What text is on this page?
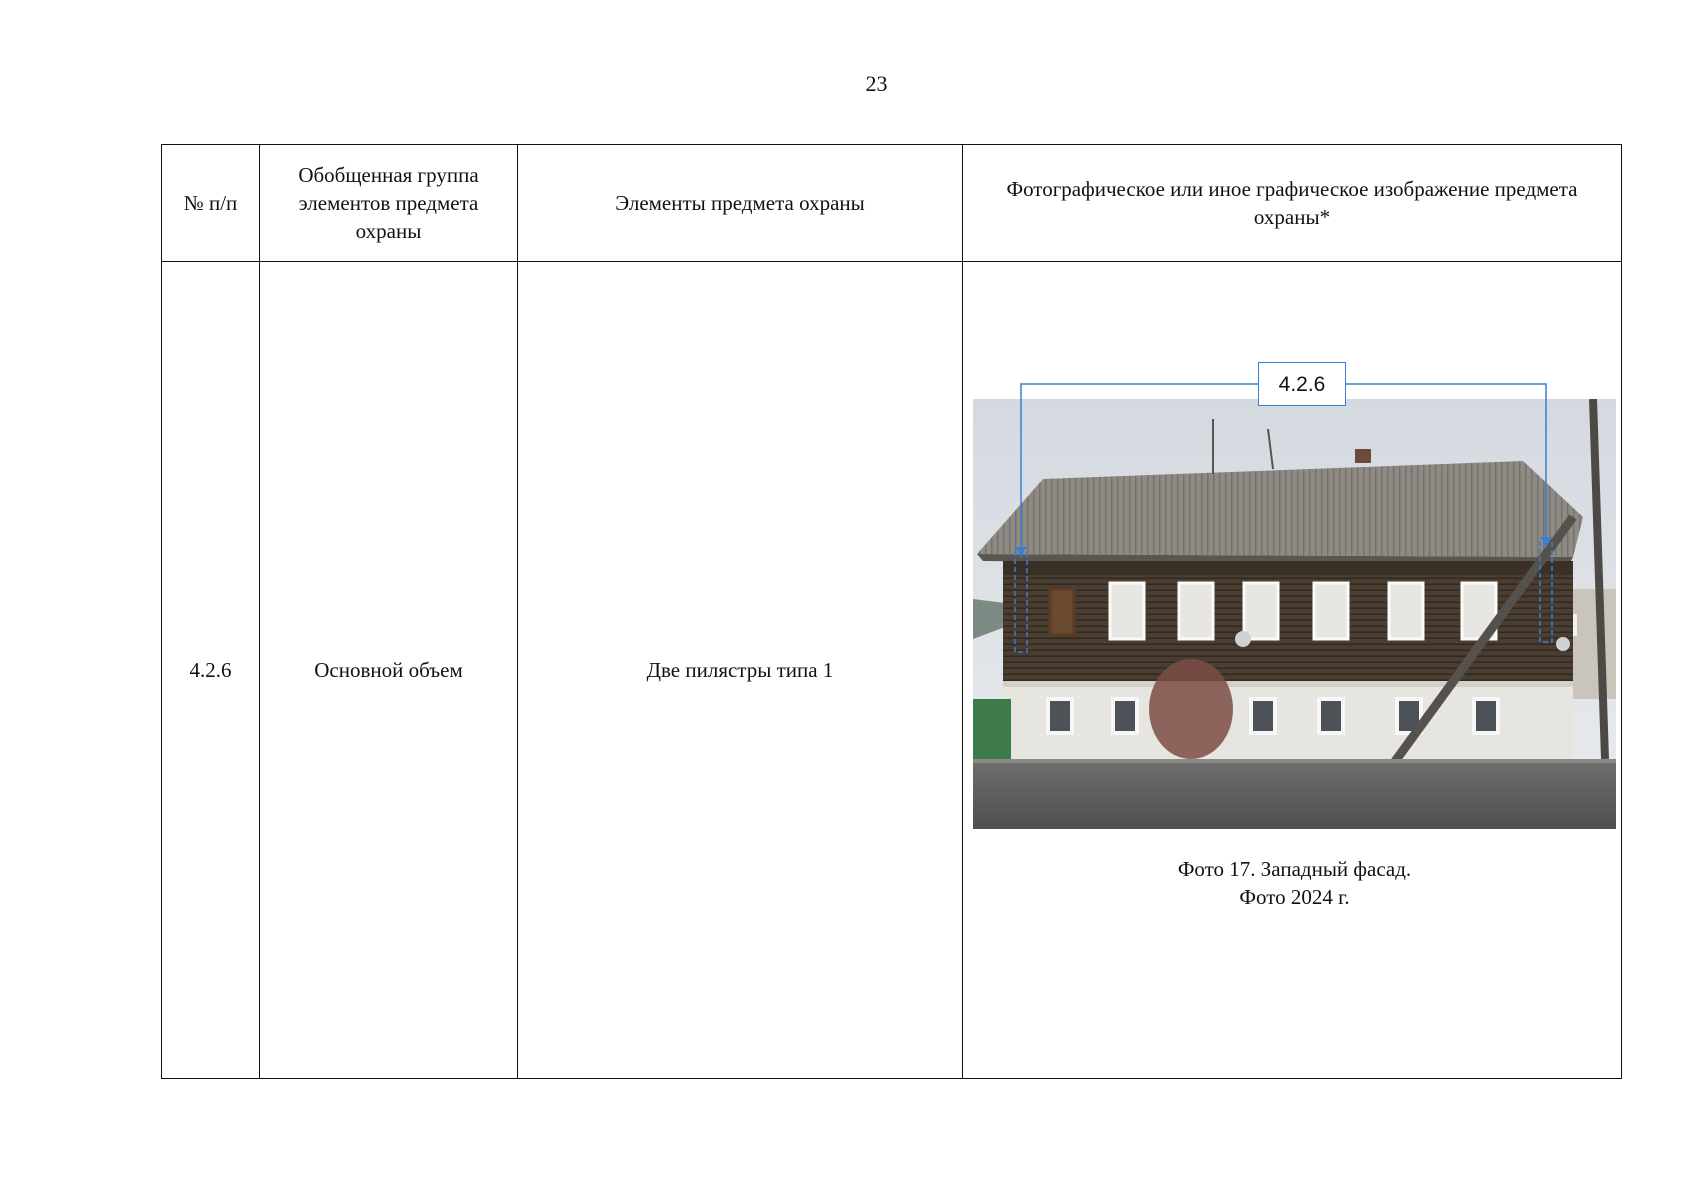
23
№ п/п	Обобщенная группа элементов предмета охраны	Элементы предмета охраны	Фотографическое или иное графическое изображение предмета охраны*
4.2.6	Основной объем	Две пилястры типа 1	4.2.6
Фото 17. Западный фасад.
Фото 2024 г.
